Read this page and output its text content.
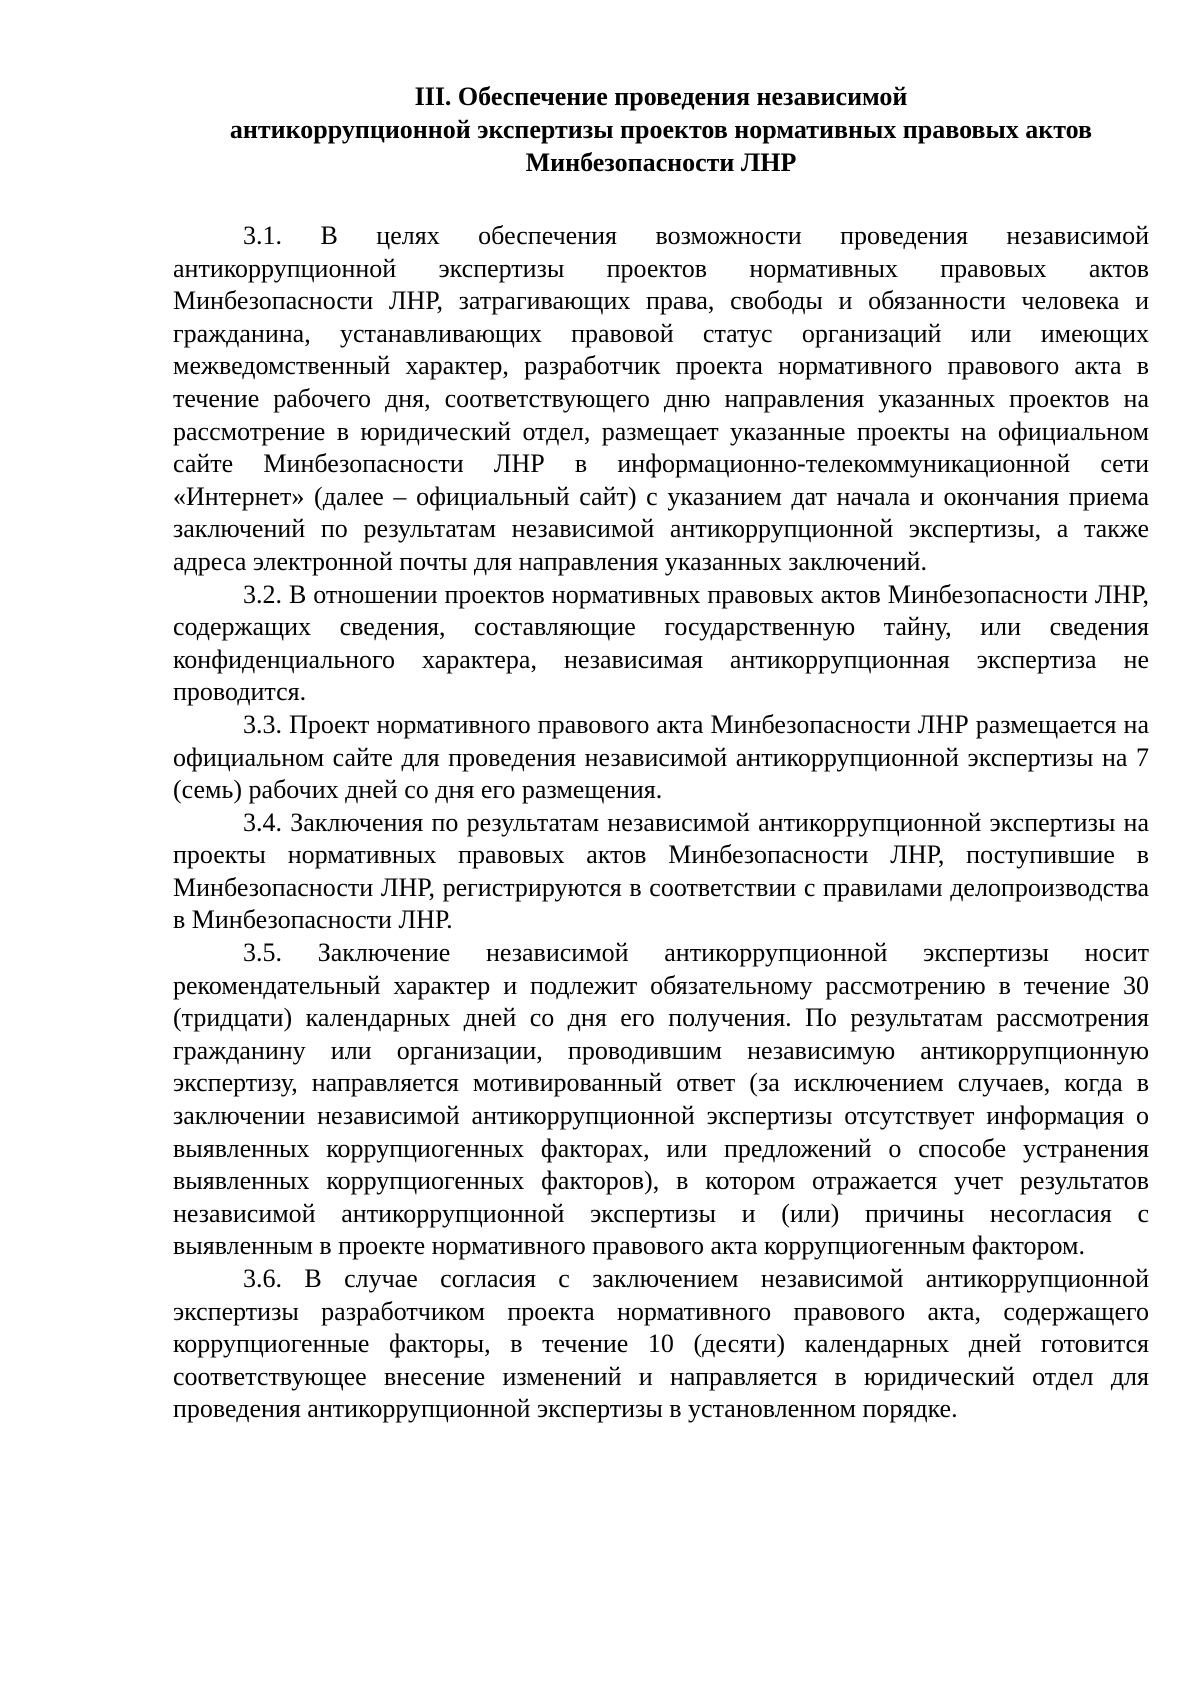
III. Обеспечение проведения независимой
антикоррупционной экспертизы проектов нормативных правовых актов
Минбезопасности ЛНР

3.1. В целях обеспечения возможности проведения независимой антикоррупционной экспертизы проектов нормативных правовых актов Минбезопасности ЛНР, затрагивающих права, свободы и обязанности человека и гражданина, устанавливающих правовой статус организаций или имеющих межведомственный характер, разработчик проекта нормативного правового акта в течение рабочего дня, соответствующего дню направления указанных проектов на рассмотрение в юридический отдел, размещает указанные проекты на официальном сайте Минбезопасности ЛНР в информационно-телекоммуникационной сети «Интернет» (далее – официальный сайт) с указанием дат начала и окончания приема заключений по результатам независимой антикоррупционной экспертизы, а также адреса электронной почты для направления указанных заключений.

3.2. В отношении проектов нормативных правовых актов Минбезопасности ЛНР, содержащих сведения, составляющие государственную тайну, или сведения конфиденциального характера, независимая антикоррупционная экспертиза не проводится.

3.3. Проект нормативного правового акта Минбезопасности ЛНР размещается на официальном сайте для проведения независимой антикоррупционной экспертизы на 7 (семь) рабочих дней со дня его размещения.

3.4. Заключения по результатам независимой антикоррупционной экспертизы на проекты нормативных правовых актов Минбезопасности ЛНР, поступившие в Минбезопасности ЛНР, регистрируются в соответствии с правилами делопроизводства в Минбезопасности ЛНР.

3.5. Заключение независимой антикоррупционной экспертизы носит рекомендательный характер и подлежит обязательному рассмотрению в течение 30 (тридцати) календарных дней со дня его получения. По результатам рассмотрения гражданину или организации, проводившим независимую антикоррупционную экспертизу, направляется мотивированный ответ (за исключением случаев, когда в заключении независимой антикоррупционной экспертизы отсутствует информация о выявленных коррупциогенных факторах, или предложений о способе устранения выявленных коррупциогенных факторов), в котором отражается учет результатов независимой антикоррупционной экспертизы и (или) причины несогласия с выявленным в проекте нормативного правового акта коррупциогенным фактором.

3.6. В случае согласия с заключением независимой антикоррупционной экспертизы разработчиком проекта нормативного правового акта, содержащего коррупциогенные факторы, в течение 10 (десяти) календарных дней готовится соответствующее внесение изменений и направляется в юридический отдел для проведения антикоррупционной экспертизы в установленном порядке.
